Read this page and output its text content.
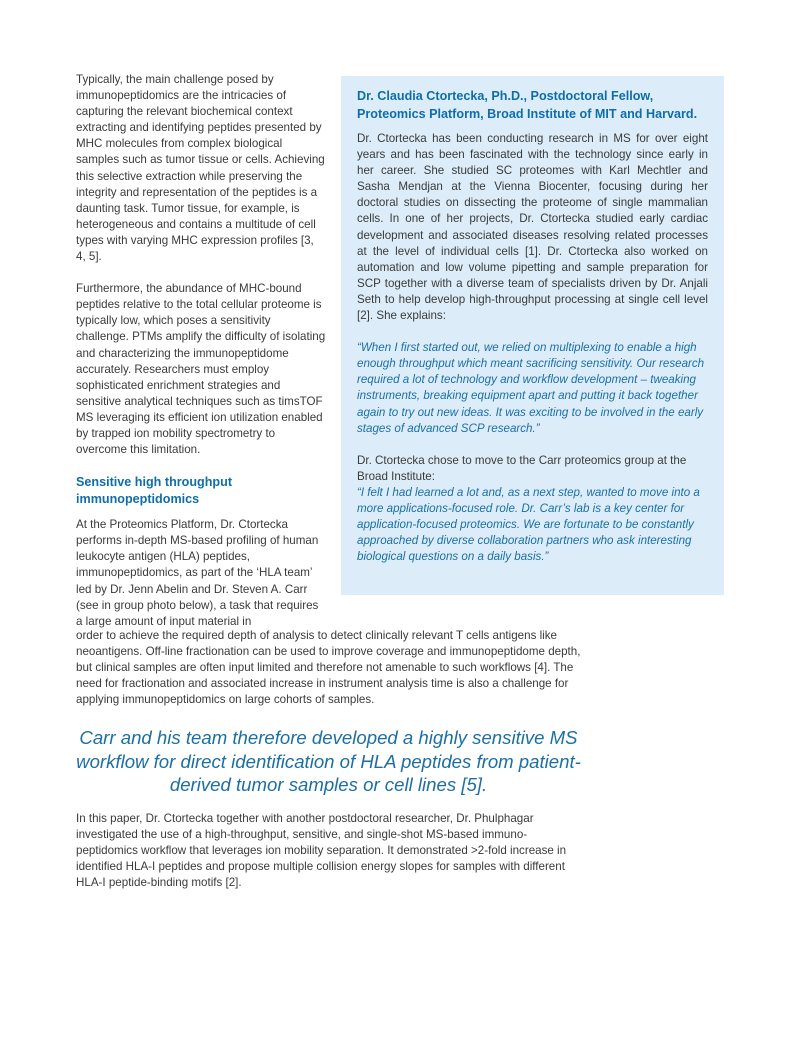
Typically, the main challenge posed by immunopeptidomics are the intricacies of capturing the relevant biochemical context extracting and identifying peptides presented by MHC molecules from complex biological samples such as tumor tissue or cells. Achieving this selective extraction while preserving the integrity and representation of the peptides is a daunting task. Tumor tissue, for example, is heterogeneous and contains a multitude of cell types with varying MHC expression profiles [3, 4, 5].

Furthermore, the abundance of MHC-bound peptides relative to the total cellular proteome is typically low, which poses a sensitivity challenge. PTMs amplify the difficulty of isolating and characterizing the immunopeptidome accurately. Researchers must employ sophisticated enrichment strategies and sensitive analytical techniques such as timsTOF MS leveraging its efficient ion utilization enabled by trapped ion mobility spectrometry to overcome this limitation.

Sensitive high throughput immunopeptidomics

At the Proteomics Platform, Dr. Ctortecka performs in-depth MS-based profiling of human leukocyte antigen (HLA) peptides, immunopeptidomics, as part of the ‘HLA team’ led by Dr. Jenn Abelin and Dr. Steven A. Carr (see in group photo below), a task that requires a large amount of input material in

Dr. Claudia Ctortecka, Ph.D., Postdoctoral Fellow, Proteomics Platform, Broad Institute of MIT and Harvard.

Dr. Ctortecka has been conducting research in MS for over eight years and has been fascinated with the technology since early in her career. She studied SC proteomes with Karl Mechtler and Sasha Mendjan at the Vienna Biocenter, focusing during her doctoral studies on dissecting the proteome of single mammalian cells. In one of her projects, Dr. Ctortecka studied early cardiac development and associated diseases resolving related processes at the level of individual cells [1]. Dr. Ctortecka also worked on automation and low volume pipetting and sample preparation for SCP together with a diverse team of specialists driven by Dr. Anjali Seth to help develop high-throughput processing at single cell level [2]. She explains:

“When I first started out, we relied on multiplexing to enable a high enough throughput which meant sacrificing sensitivity. Our research required a lot of technology and workflow development – tweaking instruments, breaking equipment apart and putting it back together again to try out new ideas. It was exciting to be involved in the early stages of advanced SCP research.”

Dr. Ctortecka chose to move to the Carr proteomics group at the Broad Institute:

“I felt I had learned a lot and, as a next step, wanted to move into a more applications-focused role. Dr. Carr’s lab is a key center for application-focused proteomics. We are fortunate to be constantly approached by diverse collaboration partners who ask interesting biological questions on a daily basis.”

order to achieve the required depth of analysis to detect clinically relevant T cells antigens like neoantigens. Off-line fractionation can be used to improve coverage and immunopeptidome depth, but clinical samples are often input limited and therefore not amenable to such workflows [4]. The need for fractionation and associated increase in instrument analysis time is also a challenge for applying immunopeptidomics on large cohorts of samples.
Carr and his team therefore developed a highly sensitive MS workflow for direct identification of HLA peptides from patient-derived tumor samples or cell lines [5].
In this paper, Dr. Ctortecka together with another postdoctoral researcher, Dr. Phulphagar investigated the use of a high-throughput, sensitive, and single-shot MS-based immuno-peptidomics workflow that leverages ion mobility separation. It demonstrated >2-fold increase in identified HLA-I peptides and propose multiple collision energy slopes for samples with different HLA-I peptide-binding motifs [2].
